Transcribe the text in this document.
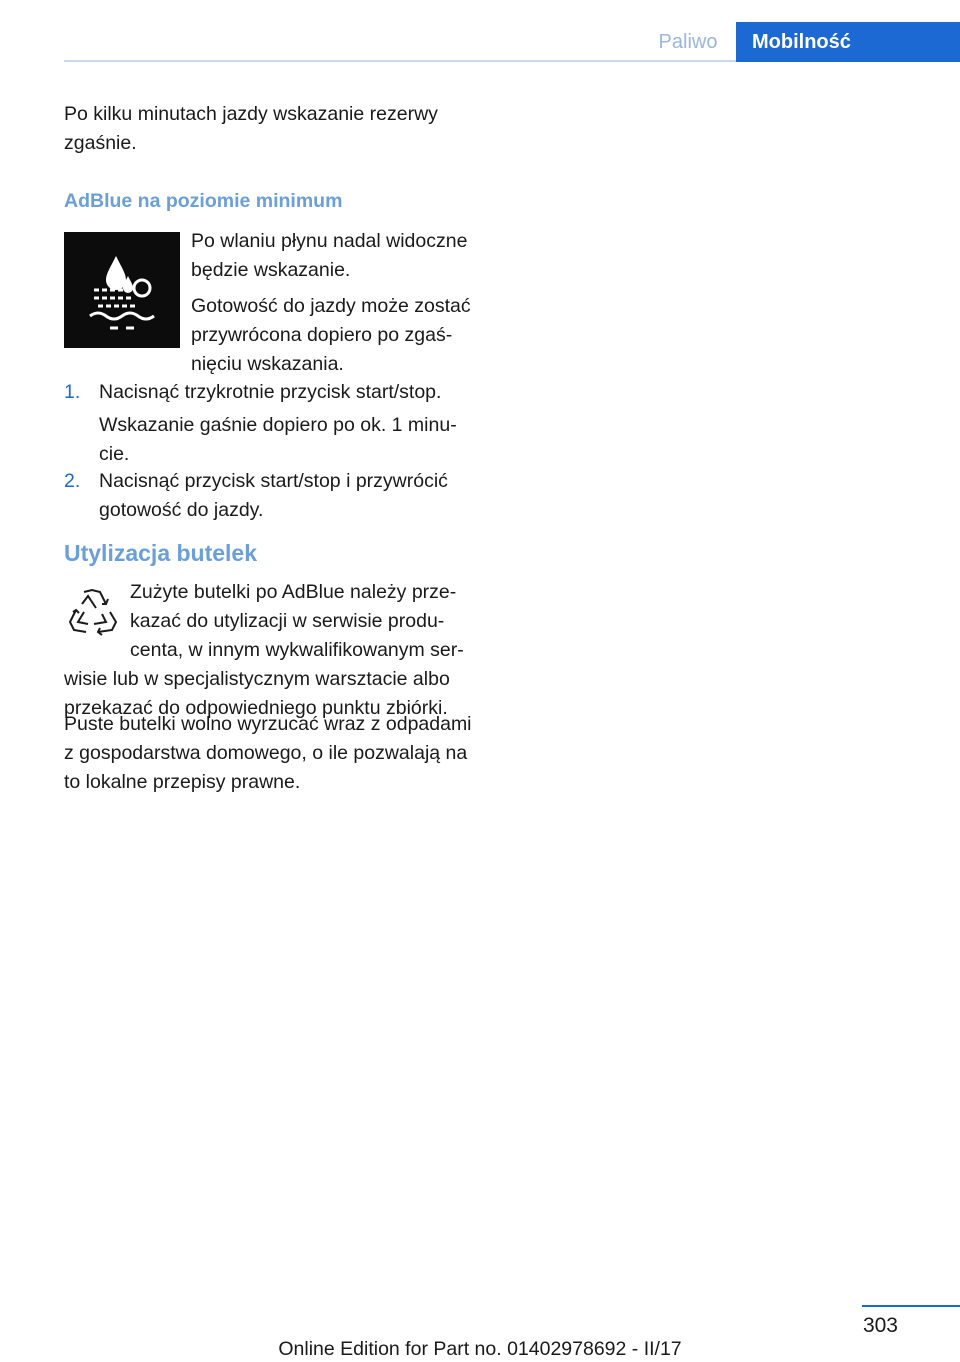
Paliwo	Mobilność

Po kilku minutach jazdy wskazanie rezerwy zgaśnie.

AdBlue na poziomie minimum

Po wlaniu płynu nadal widoczne będzie wskazanie.

Gotowość do jazdy może zostać
przywrócona dopiero po zgaś-
nięciu wskazania.

1. Nacisnąć trzykrotnie przycisk start/stop.
Wskazanie gaśnie dopiero po ok. 1 minu-
cie.
2. Nacisnąć przycisk start/stop i przywrócić
gotowość do jazdy.
Utylizacja butelek
Zużyte butelki po AdBlue należy prze-
kazać do utylizacji w serwisie produ-
centa, w innym wykwalifikowanym ser-
wisie lub w specjalistycznym warsztacie albo
przekazać do odpowiedniego punktu zbiórki.
Puste butelki wolno wyrzucać wraz z odpadami
z gospodarstwa domowego, o ile pozwalają na
to lokalne przepisy prawne.
303
Online Edition for Part no. 01402978692 - II/17
